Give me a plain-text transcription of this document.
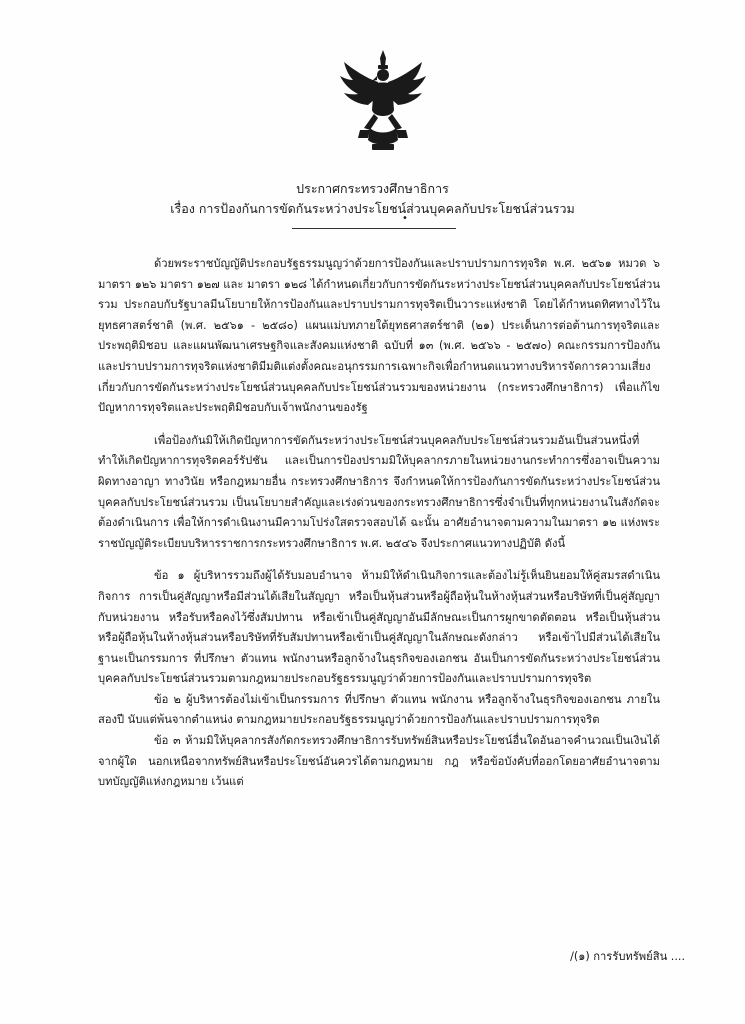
ประกาศกระทรวงศึกษาธิการ
เรื่อง การป้องกันการขัดกันระหว่างประโยชน์ส่วนบุคคลกับประโยชน์ส่วนรวม
•

ด้วยพระราชบัญญัติประกอบรัฐธรรมนูญว่าด้วยการป้องกันและปราบปรามการทุจริต พ.ศ. ๒๕๖๑ หมวด ๖ มาตรา ๑๒๖ มาตรา ๑๒๗ และ มาตรา ๑๒๘ ได้กำหนดเกี่ยวกับการขัดกันระหว่างประโยชน์ส่วนบุคคลกับประโยชน์ส่วนรวม ประกอบกับรัฐบาลมีนโยบายให้การป้องกันและปราบปรามการทุจริตเป็นวาระแห่งชาติ โดยได้กำหนดทิศทางไว้ในยุทธศาสตร์ชาติ (พ.ศ. ๒๕๖๑ - ๒๕๘๐) แผนแม่บทภายใต้ยุทธศาสตร์ชาติ (๒๑) ประเด็นการต่อต้านการทุจริตและประพฤติมิชอบ และแผนพัฒนาเศรษฐกิจและสังคมแห่งชาติ ฉบับที่ ๑๓ (พ.ศ. ๒๕๖๖ - ๒๕๗๐) คณะกรรมการป้องกันและปราบปรามการทุจริตแห่งชาติมีมติแต่งตั้งคณะอนุกรรมการเฉพาะกิจเพื่อกำหนดแนวทางบริหารจัดการความเสี่ยงเกี่ยวกับการขัดกันระหว่างประโยชน์ส่วนบุคคลกับประโยชน์ส่วนรวมของหน่วยงาน (กระทรวงศึกษาธิการ) เพื่อแก้ไขปัญหาการทุจริตและประพฤติมิชอบกับเจ้าพนักงานของรัฐ

เพื่อป้องกันมิให้เกิดปัญหาการขัดกันระหว่างประโยชน์ส่วนบุคคลกับประโยชน์ส่วนรวมอันเป็นส่วนหนึ่งที่ทำให้เกิดปัญหาการทุจริตคอร์รัปชัน และเป็นการป้องปรามมิให้บุคลากรภายในหน่วยงานกระทำการซึ่งอาจเป็นความผิดทางอาญา ทางวินัย หรือกฎหมายอื่น กระทรวงศึกษาธิการ จึงกำหนดให้การป้องกันการขัดกันระหว่างประโยชน์ส่วนบุคคลกับประโยชน์ส่วนรวม เป็นนโยบายสำคัญและเร่งด่วนของกระทรวงศึกษาธิการซึ่งจำเป็นที่ทุกหน่วยงานในสังกัดจะต้องดำเนินการ เพื่อให้การดำเนินงานมีความโปร่งใสตรวจสอบได้ ฉะนั้น อาศัยอำนาจตามความในมาตรา ๑๒ แห่งพระราชบัญญัติระเบียบบริหารราชการกระทรวงศึกษาธิการ พ.ศ. ๒๕๔๖ จึงประกาศแนวทางปฏิบัติ ดังนี้

ข้อ ๑ ผู้บริหารรวมถึงผู้ได้รับมอบอำนาจ ห้ามมิให้ดำเนินกิจการและต้องไม่รู้เห็นยินยอมให้คู่สมรสดำเนินกิจการ การเป็นคู่สัญญาหรือมีส่วนได้เสียในสัญญา หรือเป็นหุ้นส่วนหรือผู้ถือหุ้นในห้างหุ้นส่วนหรือบริษัทที่เป็นคู่สัญญากับหน่วยงาน หรือรับหรือคงไว้ซึ่งสัมปทาน หรือเข้าเป็นคู่สัญญาอันมีลักษณะเป็นการผูกขาดตัดตอน หรือเป็นหุ้นส่วนหรือผู้ถือหุ้นในห้างหุ้นส่วนหรือบริษัทที่รับสัมปทานหรือเข้าเป็นคู่สัญญาในลักษณะดังกล่าว หรือเข้าไปมีส่วนได้เสียในฐานะเป็นกรรมการ ที่ปรึกษา ตัวแทน พนักงานหรือลูกจ้างในธุรกิจของเอกชน อันเป็นการขัดกันระหว่างประโยชน์ส่วนบุคคลกับประโยชน์ส่วนรวมตามกฎหมายประกอบรัฐธรรมนูญว่าด้วยการป้องกันและปราบปรามการทุจริต

ข้อ ๒ ผู้บริหารต้องไม่เข้าเป็นกรรมการ ที่ปรึกษา ตัวแทน พนักงาน หรือลูกจ้างในธุรกิจของเอกชน ภายในสองปี นับแต่พ้นจากตำแหน่ง ตามกฎหมายประกอบรัฐธรรมนูญว่าด้วยการป้องกันและปราบปรามการทุจริต

ข้อ ๓ ห้ามมิให้บุคลากรสังกัดกระทรวงศึกษาธิการรับทรัพย์สินหรือประโยชน์อื่นใดอันอาจคำนวณเป็นเงินได้จากผู้ใด นอกเหนือจากทรัพย์สินหรือประโยชน์อันควรได้ตามกฎหมาย กฎ หรือข้อบังคับที่ออกโดยอาศัยอำนาจตามบทบัญญัติแห่งกฎหมาย เว้นแต่

/(๑) การรับทรัพย์สิน ....
